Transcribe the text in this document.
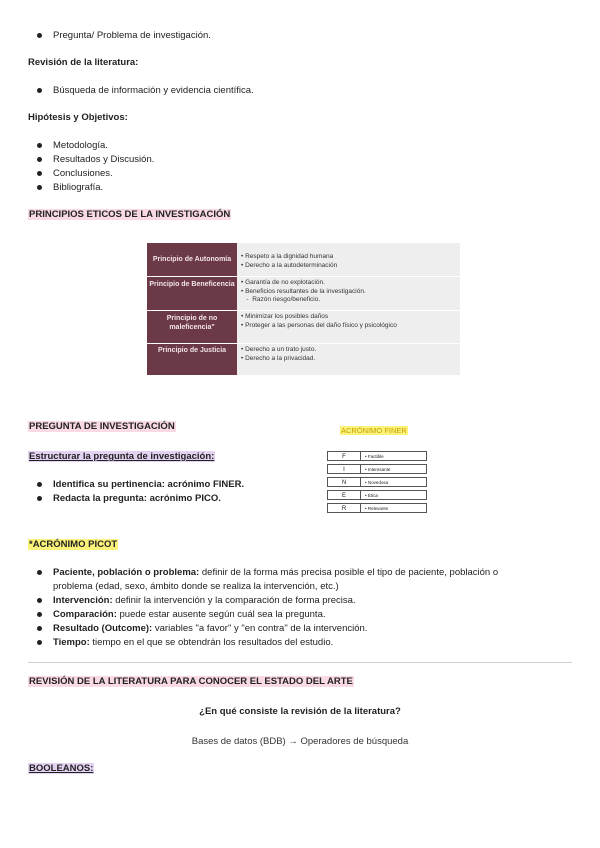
Pregunta/ Problema de investigación.
Revisión de la literatura:
Búsqueda de información y evidencia científica.
Hipótesis y Objetivos:
Metodología.
Resultados y Discusión.
Conclusiones.
Bibliografía.
PRINCIPIOS ETICOS DE LA INVESTIGACIÓN
Principio de Autonomía	• Respeto a la dignidad humana
• Derecho a la autodeterminación
Principio de Beneficencia • Garantía de no explotación.
• Beneficios resultantes de la investigación.
-  Razón riesgo/beneficio.
Principio de no maleficencia"
• Minimizar los posibles daños
• Proteger a las personas del daño físico y psicológico
Principio de Justicia	• Derecho a un trato justo.
• Derecho a la privacidad.
PREGUNTA DE INVESTIGACIÓN
Estructurar la pregunta de investigación:
Identifica su pertinencia: acrónimo FINER.
Redacta la pregunta: acrónimo PICO.
ACRÓNIMO FINER
F	• Factible
I	• Interesante
N	• Novedosa
E	• Ética
R	• Relevante
*ACRÓNIMO PICOT
Paciente, población o problema: definir de la forma más precisa posible el tipo de paciente, población o
problema (edad, sexo, ámbito donde se realiza la intervención, etc.)
Intervención: definir la intervención y la comparación de forma precisa.
Comparación: puede estar ausente según cuál sea la pregunta.
Resultado (Outcome): variables "a favor" y "en contra" de la intervención.
Tiempo: tiempo en el que se obtendrán los resultados del estudio.
REVISIÓN DE LA LITERATURA PARA CONOCER EL ESTADO DEL ARTE
¿En qué consiste la revisión de la literatura?
Bases de datos (BDB) → Operadores de búsqueda
BOOLEANOS:
